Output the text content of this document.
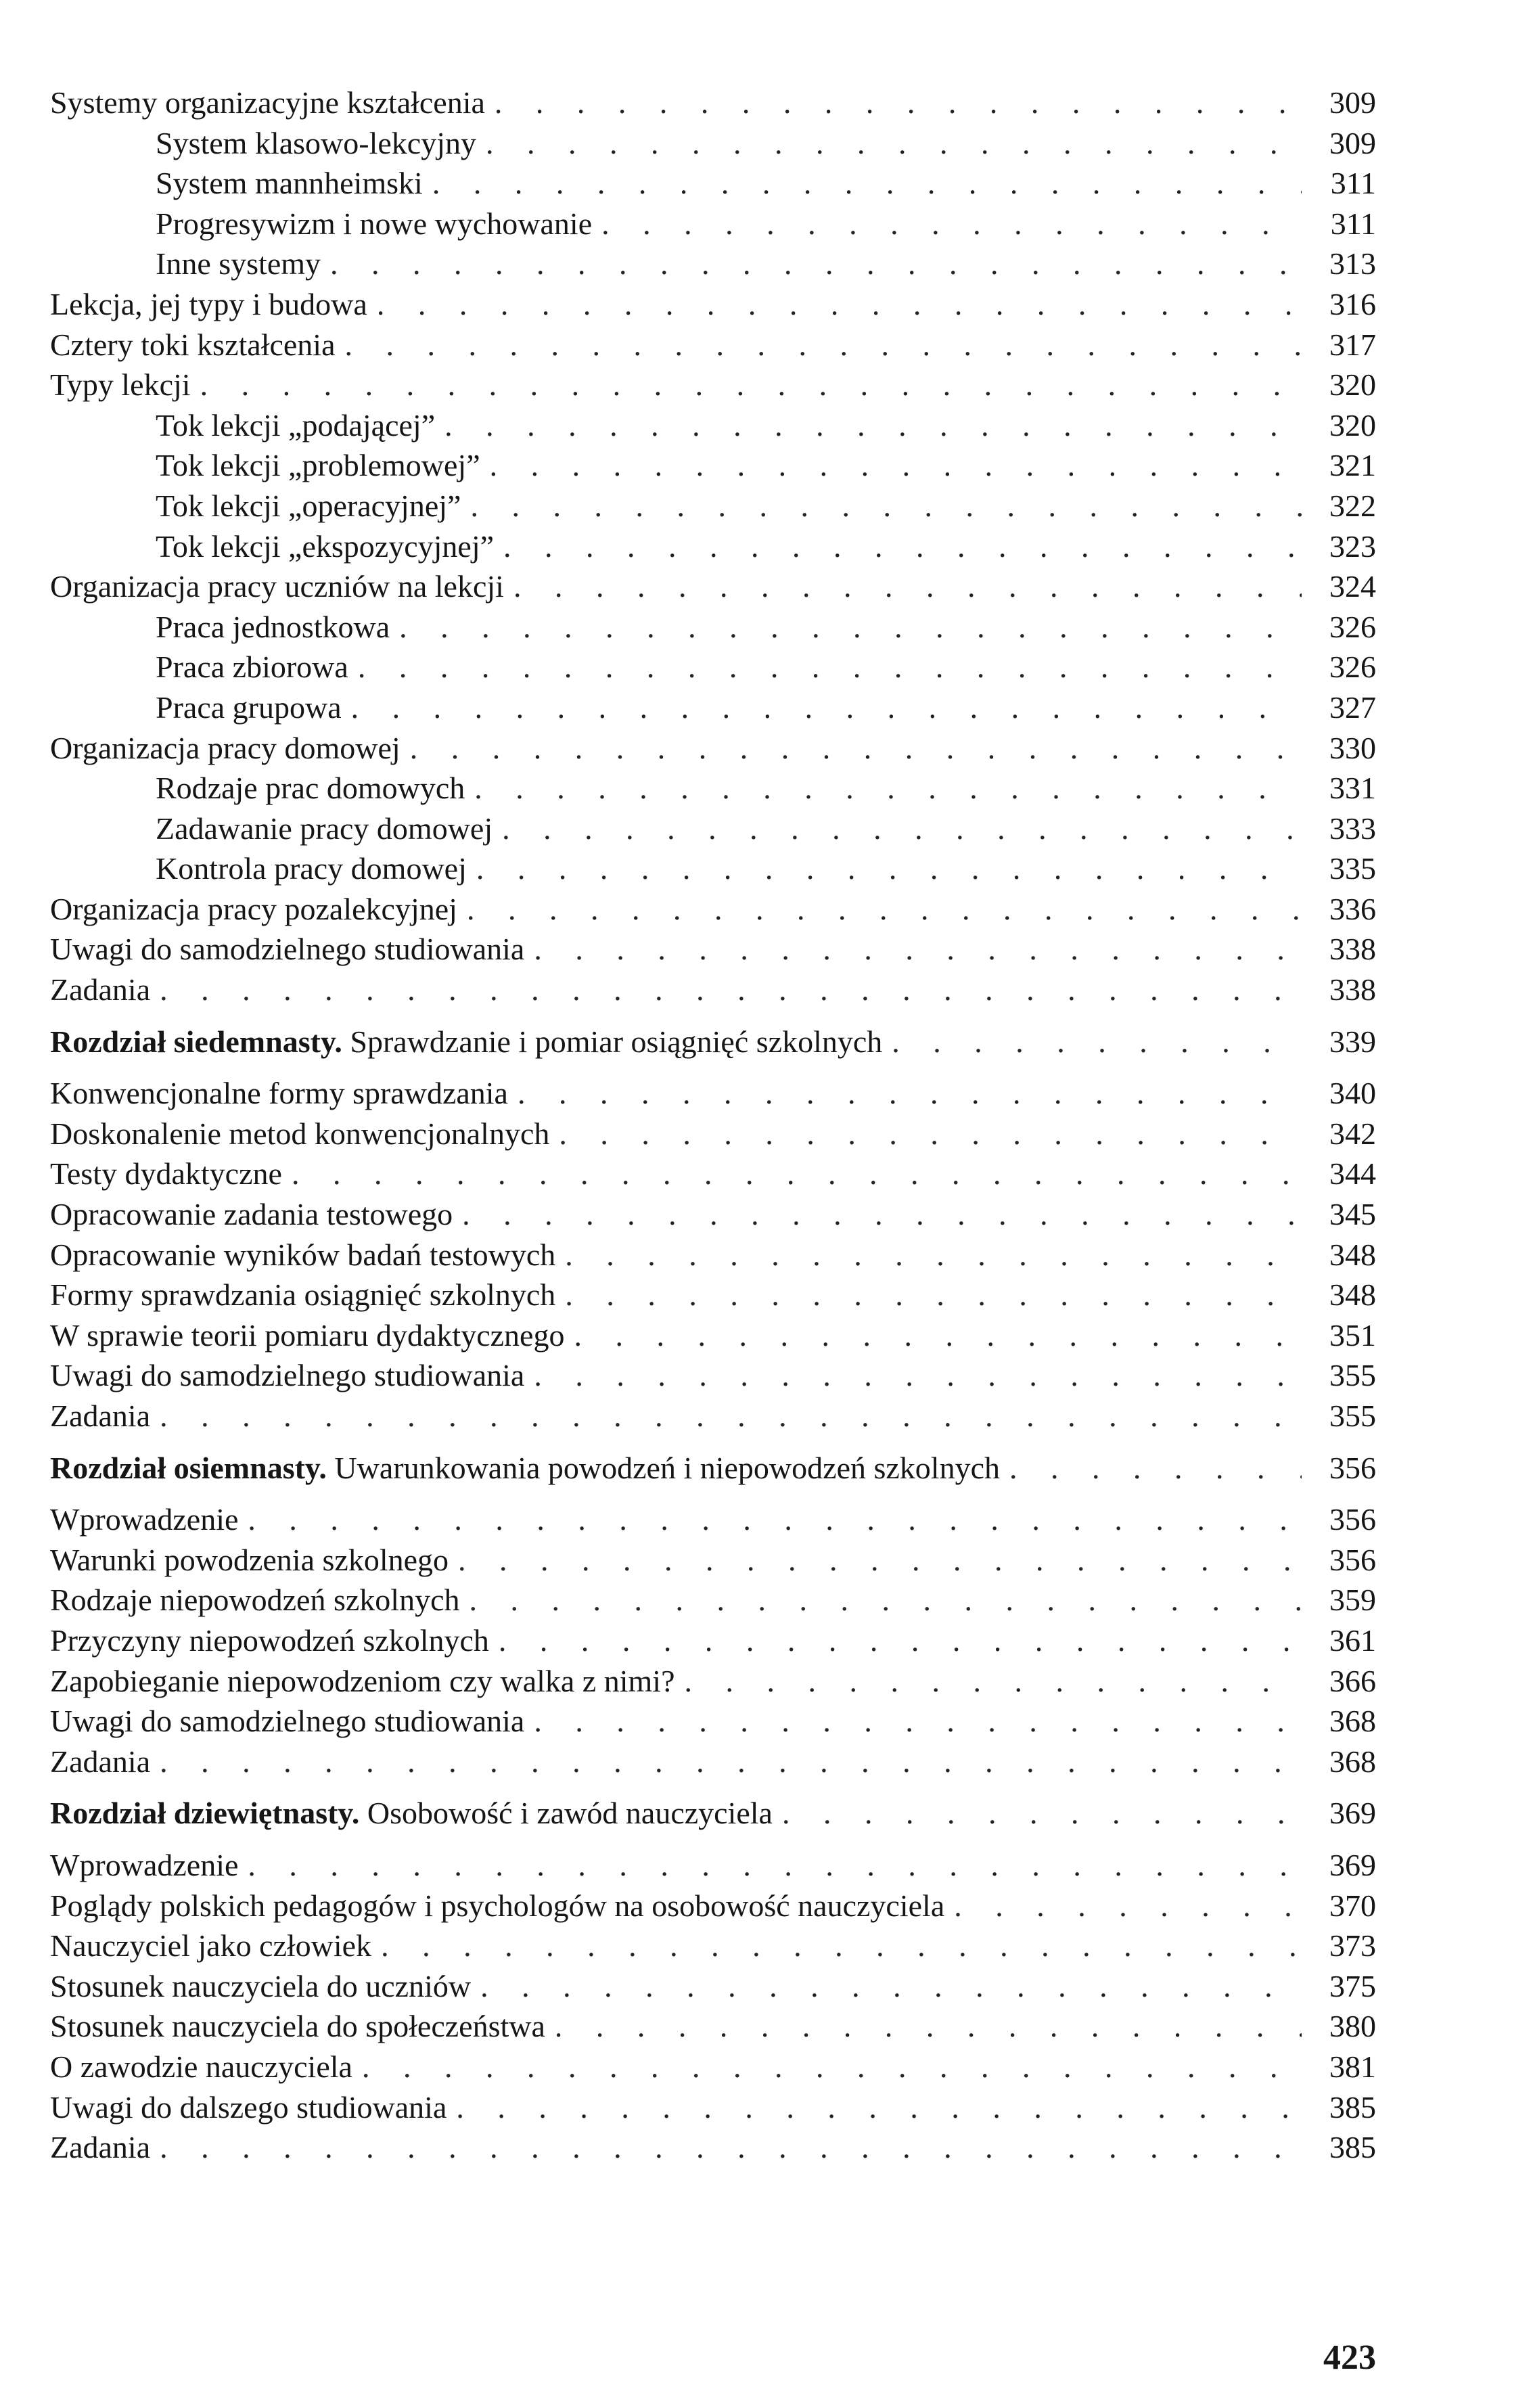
Systemy organizacyjne kształcenia . . .	309
System klasowo-lekcyjny . . .	309
System mannheimski . . .	311
Progresywizm i nowe wychowanie . . .	311
Inne systemy . . .	313
Lekcja, jej typy i budowa . . .	316
Cztery toki kształcenia . . .	317
Typy lekcji . . .	320
Tok lekcji „podającej” . . .	320
Tok lekcji „problemowej” . . .	321
Tok lekcji „operacyjnej” . . .	322
Tok lekcji „ekspozycyjnej” . . .	323
Organizacja pracy uczniów na lekcji . . .	324
Praca jednostkowa . . .	326
Praca zbiorowa . . .	326
Praca grupowa . . .	327
Organizacja pracy domowej . . .	330
Rodzaje prac domowych . . .	331
Zadawanie pracy domowej . . .	333
Kontrola pracy domowej . . .	335
Organizacja pracy pozalekcyjnej . . .	336
Uwagi do samodzielnego studiowania . . .	338
Zadania . . .	338
Rozdział siedemnasty. Sprawdzanie i pomiar osiągnięć szkolnych . . .	339
Konwencjonalne formy sprawdzania . . .	340
Doskonalenie metod konwencjonalnych . . .	342
Testy dydaktyczne . . .	344
Opracowanie zadania testowego . . .	345
Opracowanie wyników badań testowych . . .	348
Formy sprawdzania osiągnięć szkolnych . . .	348
W sprawie teorii pomiaru dydaktycznego . . .	351
Uwagi do samodzielnego studiowania . . .	355
Zadania . . .	355
Rozdział osiemnasty. Uwarunkowania powodzeń i niepowodzeń szkolnych . . .	356
Wprowadzenie . . .	356
Warunki powodzenia szkolnego . . .	356
Rodzaje niepowodzeń szkolnych . . .	359
Przyczyny niepowodzeń szkolnych . . .	361
Zapobieganie niepowodzeniom czy walka z nimi? . . .	366
Uwagi do samodzielnego studiowania . . .	368
Zadania . . .	368
Rozdział dziewiętnasty. Osobowość i zawód nauczyciela . . .	369
Wprowadzenie . . .	369
Poglądy polskich pedagogów i psychologów na osobowość nauczyciela . . .	370
Nauczyciel jako człowiek . . .	373
Stosunek nauczyciela do uczniów . . .	375
Stosunek nauczyciela do społeczeństwa . . .	380
O zawodzie nauczyciela . . .	381
Uwagi do dalszego studiowania . . .	385
Zadania . . .	385
423
